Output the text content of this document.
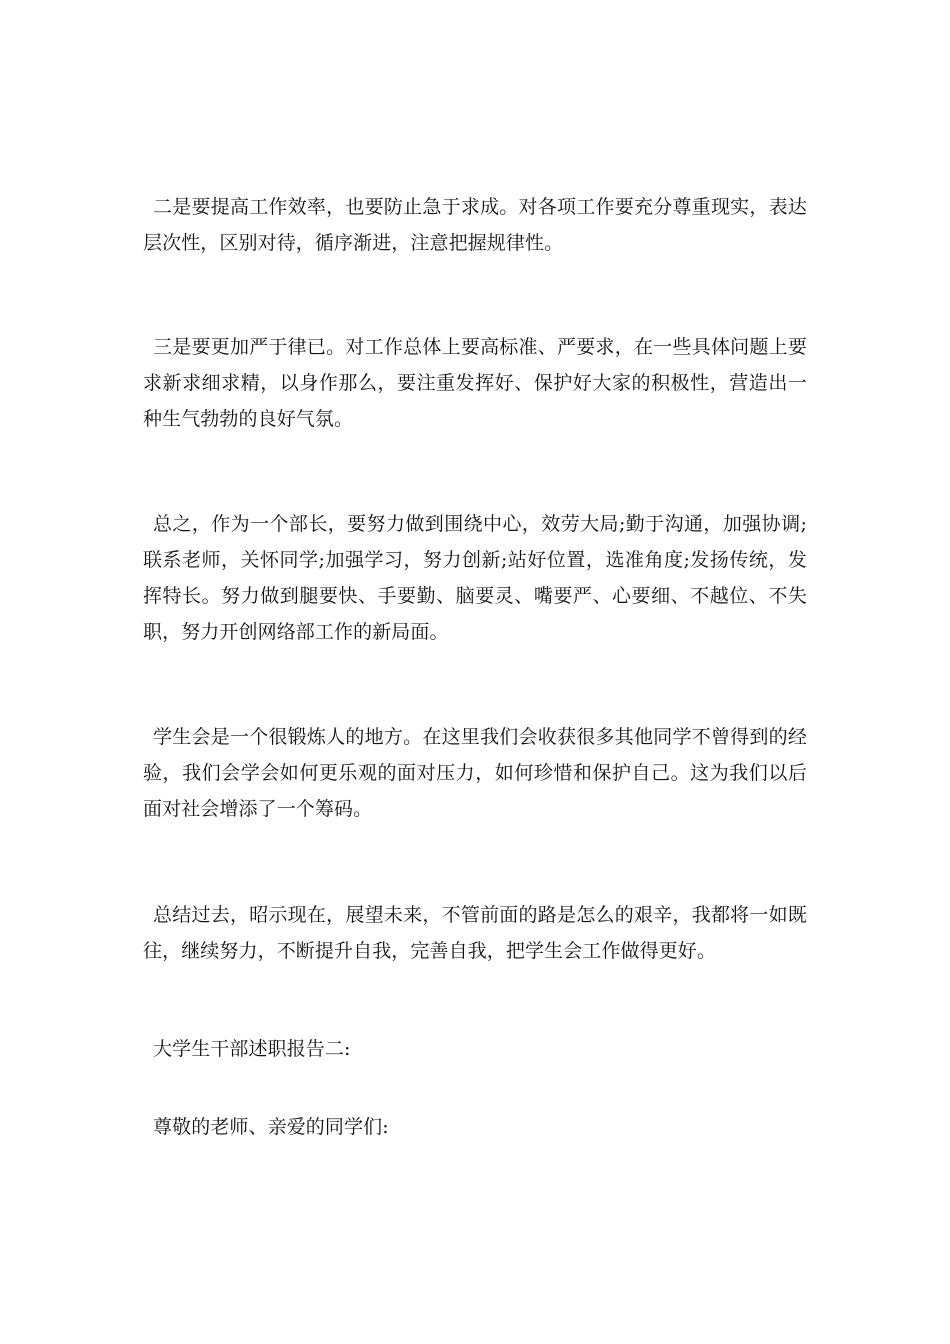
二是要提高工作效率，也要防止急于求成。对各项工作要充分尊重现实，表达层次性，区别对待，循序渐进，注意把握规律性。

三是要更加严于律已。对工作总体上要高标准、严要求，在一些具体问题上要求新求细求精，以身作那么，要注重发挥好、保护好大家的积极性，营造出一种生气勃勃的良好气氛。

总之，作为一个部长，要努力做到围绕中心，效劳大局;勤于沟通，加强协调;联系老师，关怀同学;加强学习，努力创新;站好位置，选准角度;发扬传统，发挥特长。努力做到腿要快、手要勤、脑要灵、嘴要严、心要细、不越位、不失职，努力开创网络部工作的新局面。

学生会是一个很锻炼人的地方。在这里我们会收获很多其他同学不曾得到的经验，我们会学会如何更乐观的面对压力，如何珍惜和保护自己。这为我们以后面对社会增添了一个筹码。

总结过去，昭示现在，展望未来，不管前面的路是怎么的艰辛，我都将一如既往，继续努力，不断提升自我，完善自我，把学生会工作做得更好。

大学生干部述职报告二:

尊敬的老师、亲爱的同学们:
